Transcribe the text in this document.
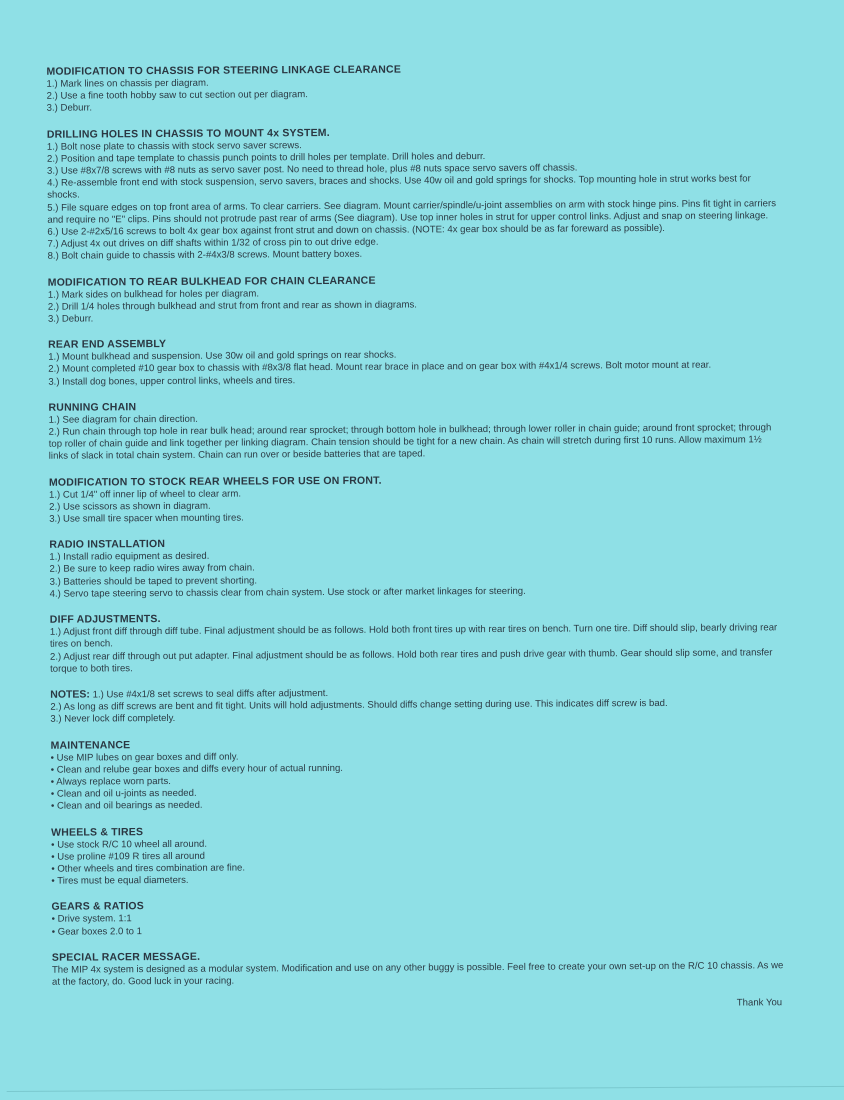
MODIFICATION TO CHASSIS FOR STEERING LINKAGE CLEARANCE

1.) Mark lines on chassis per diagram.

2.) Use a fine tooth hobby saw to cut section out per diagram.

3.) Deburr.

DRILLING HOLES IN CHASSIS TO MOUNT 4x SYSTEM.

1.) Bolt nose plate to chassis with stock servo saver screws.

2.) Position and tape template to chassis punch points to drill holes per template. Drill holes and deburr.

3.) Use #8x7/8 screws with #8 nuts as servo saver post. No need to thread hole, plus #8 nuts space servo savers off chassis.

4.) Re-assemble front end with stock suspension, servo savers, braces and shocks. Use 40w oil and gold springs for shocks. Top mounting hole in strut works best for shocks.

5.) File square edges on top front area of arms. To clear carriers. See diagram. Mount carrier/spindle/u-joint assemblies on arm with stock hinge pins. Pins fit tight in carriers and require no "E" clips. Pins should not protrude past rear of arms (See diagram). Use top inner holes in strut for upper control links. Adjust and snap on steering linkage.

6.) Use 2-#2x5/16 screws to bolt 4x gear box against front strut and down on chassis. (NOTE: 4x gear box should be as far foreward as possible).

7.) Adjust 4x out drives on diff shafts within 1/32 of cross pin to out drive edge.

8.) Bolt chain guide to chassis with 2-#4x3/8 screws. Mount battery boxes.

MODIFICATION TO REAR BULKHEAD FOR CHAIN CLEARANCE

1.) Mark sides on bulkhead for holes per diagram.

2.) Drill 1/4 holes through bulkhead and strut from front and rear as shown in diagrams.

3.) Deburr.

REAR END ASSEMBLY

1.) Mount bulkhead and suspension. Use 30w oil and gold springs on rear shocks.

2.) Mount completed #10 gear box to chassis with #8x3/8 flat head. Mount rear brace in place and on gear box with #4x1/4 screws. Bolt motor mount at rear.

3.) Install dog bones, upper control links, wheels and tires.

RUNNING CHAIN

1.) See diagram for chain direction.

2.) Run chain through top hole in rear bulk head; around rear sprocket; through bottom hole in bulkhead; through lower roller in chain guide; around front sprocket; through top roller of chain guide and link together per linking diagram. Chain tension should be tight for a new chain. As chain will stretch during first 10 runs. Allow maximum 1½ links of slack in total chain system. Chain can run over or beside batteries that are taped.

MODIFICATION TO STOCK REAR WHEELS FOR USE ON FRONT.

1.) Cut 1/4" off inner lip of wheel to clear arm.

2.) Use scissors as shown in diagram.

3.) Use small tire spacer when mounting tires.

RADIO INSTALLATION

1.) Install radio equipment as desired.

2.) Be sure to keep radio wires away from chain.

3.) Batteries should be taped to prevent shorting.

4.) Servo tape steering servo to chassis clear from chain system. Use stock or after market linkages for steering.

DIFF ADJUSTMENTS.

1.) Adjust front diff through diff tube. Final adjustment should be as follows. Hold both front tires up with rear tires on bench. Turn one tire. Diff should slip, bearly driving rear tires on bench.

2.) Adjust rear diff through out put adapter. Final adjustment should be as follows. Hold both rear tires and push drive gear with thumb. Gear should slip some, and transfer torque to both tires.

NOTES: 1.) Use #4x1/8 set screws to seal diffs after adjustment.

2.) As long as diff screws are bent and fit tight. Units will hold adjustments. Should diffs change setting during use. This indicates diff screw is bad.

3.) Never lock diff completely.

MAINTENANCE

• Use MIP lubes on gear boxes and diff only.

• Clean and relube gear boxes and diffs every hour of actual running.

• Always replace worn parts.

• Clean and oil u-joints as needed.

• Clean and oil bearings as needed.

WHEELS & TIRES

• Use stock R/C 10 wheel all around.

• Use proline #109 R tires all around

• Other wheels and tires combination are fine.

• Tires must be equal diameters.

GEARS & RATIOS

• Drive system. 1:1

• Gear boxes 2.0 to 1

SPECIAL RACER MESSAGE.

The MIP 4x system is designed as a modular system. Modification and use on any other buggy is possible. Feel free to create your own set-up on the R/C 10 chassis. As we at the factory, do. Good luck in your racing.

Thank You
